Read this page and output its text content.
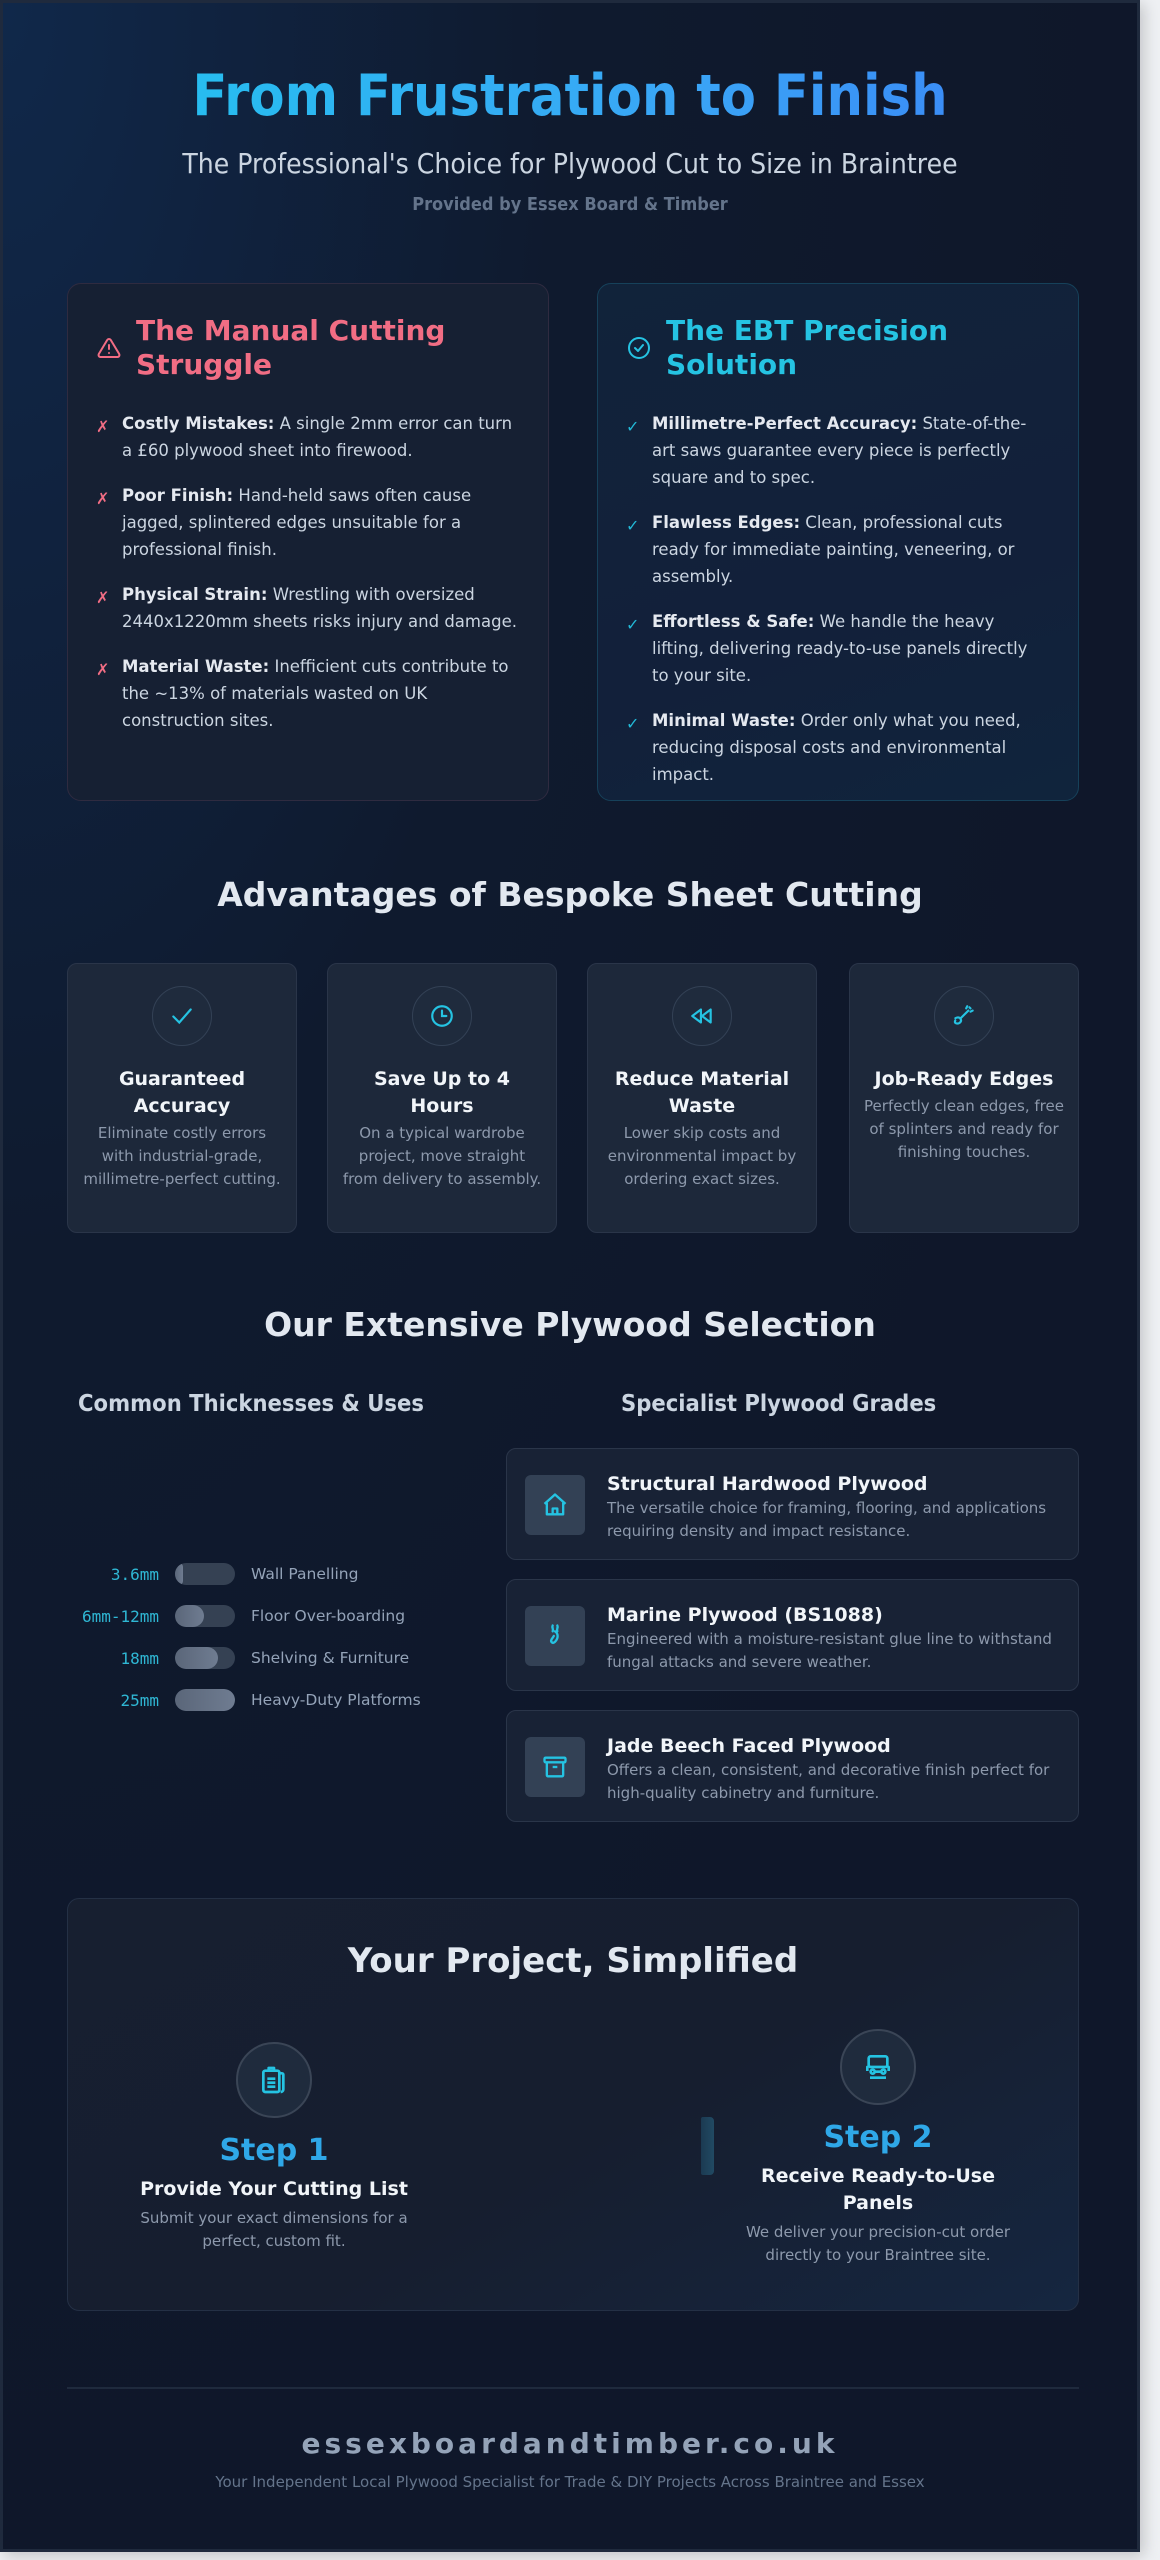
From Frustration to Finish
The Professional's Choice for Plywood Cut to Size in Braintree
Provided by Essex Board & Timber
The Manual Cutting Struggle
✗ Costly Mistakes: A single 2mm error can turn a £60 plywood sheet into firewood.
✗ Poor Finish: Hand-held saws often cause jagged, splintered edges unsuitable for a professional finish.
✗ Physical Strain: Wrestling with oversized 2440x1220mm sheets risks injury and damage.
✗ Material Waste: Inefficient cuts contribute to the ~13% of materials wasted on UK construction sites.
The EBT Precision Solution
✓ Millimetre-Perfect Accuracy: State-of-the-art saws guarantee every piece is perfectly square and to spec.
✓ Flawless Edges: Clean, professional cuts ready for immediate painting, veneering, or assembly.
✓ Effortless & Safe: We handle the heavy lifting, delivering ready-to-use panels directly to your site.
✓ Minimal Waste: Order only what you need, reducing disposal costs and environmental impact.
Advantages of Bespoke Sheet Cutting
Guaranteed Accuracy
Eliminate costly errors with industrial-grade, millimetre-perfect cutting.
Save Up to 4 Hours
On a typical wardrobe project, move straight from delivery to assembly.
Reduce Material Waste
Lower skip costs and environmental impact by ordering exact sizes.
Job-Ready Edges
Perfectly clean edges, free of splinters and ready for finishing touches.
Our Extensive Plywood Selection
Common Thicknesses & Uses	Specialist Plywood Grades
3.6mm	Wall Panelling
6mm-12mm	Floor Over-boarding
18mm	Shelving & Furniture
25mm	Heavy-Duty Platforms
Structural Hardwood Plywood
The versatile choice for framing, flooring, and applications requiring density and impact resistance.
Marine Plywood (BS1088)
Engineered with a moisture-resistant glue line to withstand fungal attacks and severe weather.
Jade Beech Faced Plywood
Offers a clean, consistent, and decorative finish perfect for high-quality cabinetry and furniture.
Your Project, Simplified
Step 1
Provide Your Cutting List
Submit your exact dimensions for a perfect, custom fit.
Step 2
Receive Ready-to-Use Panels
We deliver your precision-cut order directly to your Braintree site.
essexboardandtimber.co.uk
Your Independent Local Plywood Specialist for Trade & DIY Projects Across Braintree and Essex
